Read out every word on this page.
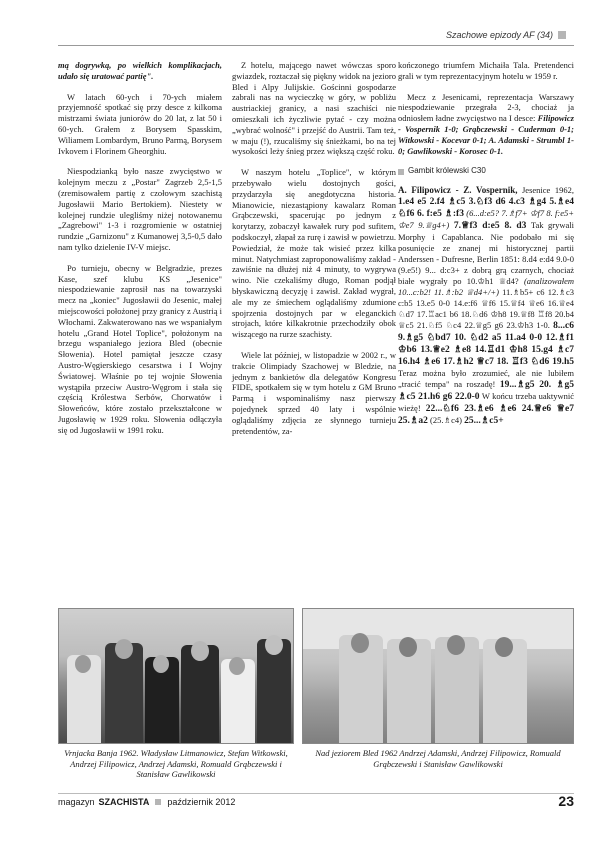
Szachowe epizody AF (34)

mą dogrywką, po wielkich komplikacjach, udało się uratować partię".

W latach 60-ych i 70-ych miałem przyjemność spotkać się przy desce z kilkoma mistrzami świata juniorów do 20 lat, z lat 50 i 60-ych. Grałem z Borysem Spasskim, Wiliamem Lombardym, Bruno Parmą, Borysem Ivkovem i Florinem Gheorghiu.

Niespodzianką było nasze zwycięstwo w kolejnym meczu z „Postar" Zagrzeb 2,5-1,5 (zremisowałem partię z czołowym szachistą Jugosławii Mario Bertokiem). Niestety w kolejnej rundzie ulegliśmy niżej notowanemu „Zagrebowi" 1-3 i rozgromienie w ostatniej rundzie „Garnizonu" z Kumanowej 3,5-0,5 dało nam tylko dzielenie IV-V miejsc.

Po turnieju, obecny w Belgradzie, prezes Kase, szef klubu KS „Jesenice" niespodziewanie zaprosił nas na towarzyski mecz na „koniec" Jugosławii do Jesenic, małej miejscowości położonej przy granicy z Austrią i Włochami. Zakwaterowano nas we wspaniałym hotelu „Grand Hotel Toplice", położonym na brzegu wspaniałego jeziora Bled (obecnie Słowenia). Hotel pamiętał jeszcze czasy Austro-Węgierskiego cesarstwa i I Wojny Światowej. Właśnie po tej wojnie Słowenia wystąpiła przeciw Austro-Węgrom i stała się częścią Królestwa Serbów, Chorwatów i Słoweńców, które zostało przekształcone w Jugosławię w 1929 roku. Słowenia odłączyła się od Jugosławii w 1991 roku.

Z hotelu, mającego nawet wówczas sporo gwiazdek, roztaczał się piękny widok na jezioro Bled i Alpy Julijskie. Gościnni gospodarze zabrali nas na wycieczkę w góry, w pobliżu austriackiej granicy, a nasi szachiści nie omieszkali ich życzliwie pytać - czy można „wybrać wolność" i przejść do Austrii. Tam też, w maju (!), rzucaliśmy się śnieżkami, bo na tej wysokości leży śnieg przez większą część roku.

W naszym hotelu „Toplice", w którym przebywało wielu dostojnych gości, przydarzyła się anegdotyczna historia. Mianowicie, niezastąpiony kawalarz Roman Grąbczewski, spacerując po jednym z korytarzy, zobaczył kawałek rury pod sufitem, podskoczył, złapał za rurę i zawisł w powietrzu. Powiedział, że może tak wisieć przez kilka minut. Natychmiast zaproponowaliśmy zakład - zawiśnie na dłużej niż 4 minuty, to wygrywa wino. Nie czekaliśmy długo, Roman podjął błyskawiczną decyzję i zawisł. Zakład wygrał, ale my ze śmiechem oglądaliśmy zdumione spojrzenia dostojnych par w eleganckich strojach, które kilkakrotnie przechodziły obok wiszącego na rurze szachisty.

Wiele lat później, w listopadzie w 2002 r., w trakcie Olimpiady Szachowej w Bledzie, na jednym z bankietów dla delegatów Kongresu FIDE, spotkałem się w tym hotelu z GM Bruno Parmą i wspominaliśmy nasz pierwszy pojedynek sprzed 40 laty i wspólnie oglądaliśmy zdjęcia ze słynnego turnieju pretendentów, za-

kończonego triumfem Michaiła Tala. Pretendenci grali w tym reprezentacyjnym hotelu w 1959 r.

Mecz z Jesenicami, reprezentacja Warszawy niespodziewanie przegrała 2-3, chociaż ja odniosłem ładne zwycięstwo na I desce: Filipowicz - Vospernik 1-0; Grąbczewski - Cuderman 0-1; Witkowski - Kocevar 0-1; A. Adamski - Strumbl 1-0; Gawlikowski - Korosec 0-1.

Gambit królewski C30
A. Filipowicz - Z. Vospernik, Jesenice 1962, 1.e4 e5 2.f4 ♗c5 3.♘f3 d6 4.c3 ♗g4 5.♗e4 ♘f6 6. f:e5 ♗:f3 (6...d:e5? 7.♗f7+ ♔f7 8. f:e5+ ♔e7 9.♕g4+) 7.♕f3 d:e5 8. d3 Tak grywali Morphy i Capablanca. Nie podobało mi się posunięcie ze znanej mi historycznej partii Anderssen - Dufresne, Berlin 1851: 8.d4 e:d4 9.0-0 (9.e5!) 9... d:c3+ z dobrą grą czarnych, chociaż białe wygrały po 10.♔h1 ♕d4? (analizowałem 10...c:b2! 11.♗:b2 ♕d4+/+) 11.♗b5+ c6 12.♗c3 c:b5 13.e5 0-0 14.e:f6 ♕f6 15.♕f4 ♕e6 16.♕e4 ♘d7 17.♖ac1 b6 18.♘d6 ♔h8 19.♕f8 ♖f8 20.b4 ♕c5 21.♘f5 ♘c4 22.♕g5 g6 23.♔h3 1-0. 8...c6 9.♗g5 ♘bd7 10. ♘d2 a5 11.a4 0-0 12.♗f1 ♔b6 13.♕e2 ♗e8 14.♖d1 ♔h8 15.g4 ♗c7 16.h4 ♗e6 17.♗h2 ♕c7 18. ♖f3 ♘d6 19.h5 Teraz można było zrozumieć, ale nie lubiłem „tracić tempa" na roszadę! 19...♗g5 20. ♗g5 ♗c5 21.h6 g6 22.0-0 W końcu trzeba uaktywnić wieżę! 22...♘f6 23.♗e6 ♗e6 24.♕e6 ♕e7 25.♗a2 (25.♗c4) 25...♗c5+
Vrnjacka Banja 1962. Władysław Litmanowicz, Stefan Witkowski, Andrzej Filipowicz, Andrzej Adamski, Romuald Grąbczewski i Stanisław Gawlikowski
Nad jeziorem Bled 1962 Andrzej Adamski, Andrzej Filipowicz, Romuald Grąbczewski i Stanisław Gawlikowski
magazyn SZACHISTA październik 2012	23
